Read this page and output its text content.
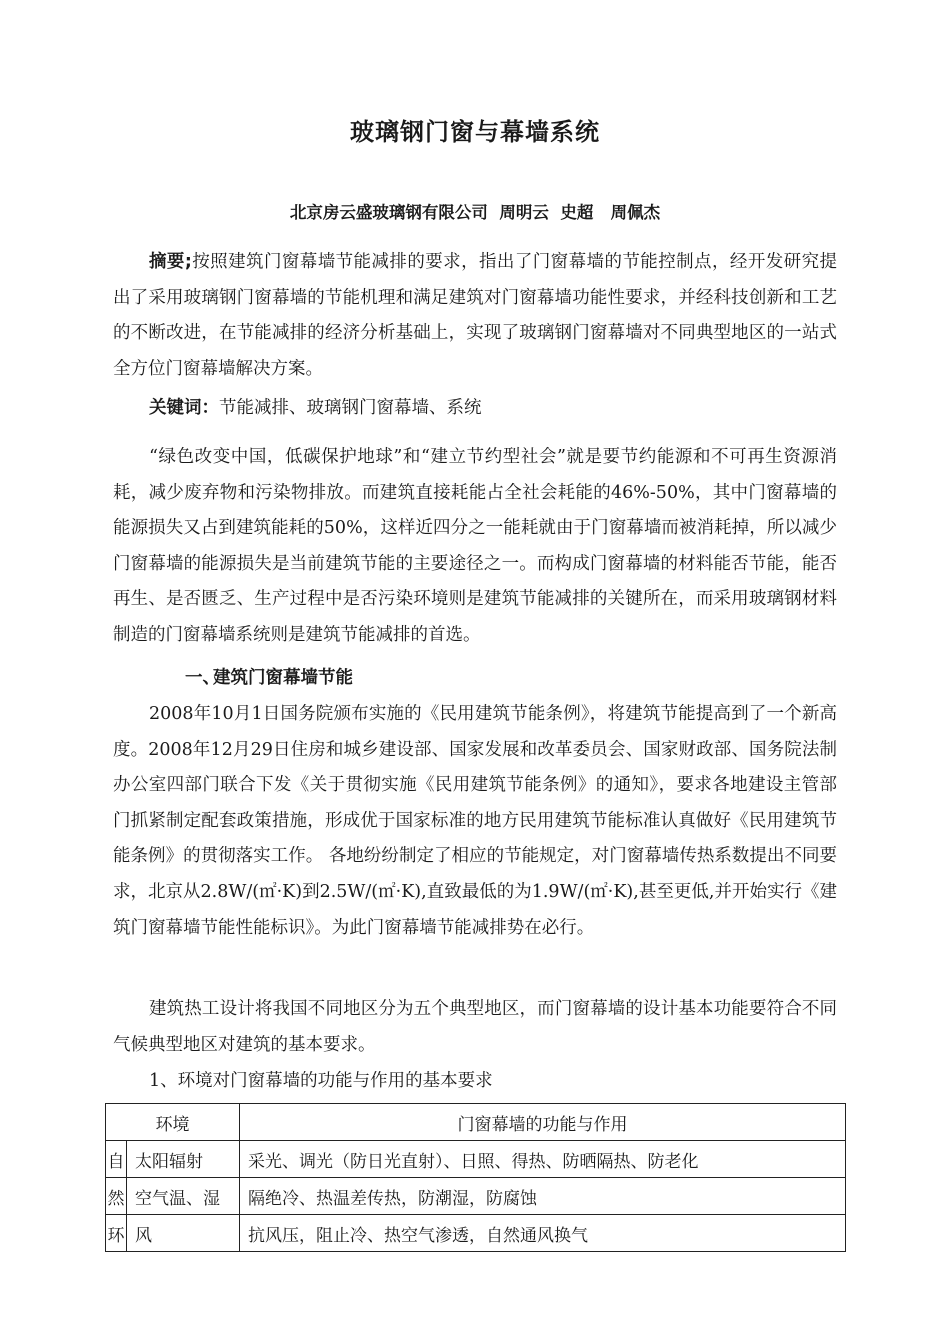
玻璃钢门窗与幕墙系统
北京房云盛玻璃钢有限公司  周明云  史超   周佩杰
摘要;按照建筑门窗幕墙节能减排的要求，指出了门窗幕墙的节能控制点，经开发研究提出了采用玻璃钢门窗幕墙的节能机理和满足建筑对门窗幕墙功能性要求，并经科技创新和工艺的不断改进，在节能减排的经济分析基础上，实现了玻璃钢门窗幕墙对不同典型地区的一站式全方位门窗幕墙解决方案。
关键词：节能减排、玻璃钢门窗幕墙、系统
“绿色改变中国，低碳保护地球”和“建立节约型社会”就是要节约能源和不可再生资源消耗，减少废弃物和污染物排放。而建筑直接耗能占全社会耗能的46%-50%，其中门窗幕墙的能源损失又占到建筑能耗的50%，这样近四分之一能耗就由于门窗幕墙而被消耗掉，所以减少门窗幕墙的能源损失是当前建筑节能的主要途径之一。而构成门窗幕墙的材料能否节能，能否再生、是否匮乏、生产过程中是否污染环境则是建筑节能减排的关键所在，而采用玻璃钢材料制造的门窗幕墙系统则是建筑节能减排的首选。
一、建筑门窗幕墙节能
2008年10月1日国务院颁布实施的《民用建筑节能条例》，将建筑节能提高到了一个新高度。2008年12月29日住房和城乡建设部、国家发展和改革委员会、国家财政部、国务院法制办公室四部门联合下发《关于贯彻实施《民用建筑节能条例》的通知》，要求各地建设主管部门抓紧制定配套政策措施，形成优于国家标准的地方民用建筑节能标准认真做好《民用建筑节能条例》的贯彻落实工作。 各地纷纷制定了相应的节能规定，对门窗幕墙传热系数提出不同要求，北京从2.8W/(㎡·K)到2.5W/(㎡·K),直致最低的为1.9W/(㎡·K),甚至更低,并开始实行《建筑门窗幕墙节能性能标识》。为此门窗幕墙节能减排势在必行。
建筑热工设计将我国不同地区分为五个典型地区，而门窗幕墙的设计基本功能要符合不同气候典型地区对建筑的基本要求。
1、环境对门窗幕墙的功能与作用的基本要求
环境		门窗幕墙的功能与作用
自	太阳辐射	采光、调光（防日光直射）、日照、得热、防晒隔热、防老化
然	空气温、湿	隔绝冷、热温差传热，防潮湿，防腐蚀
环	风	抗风压，阻止冷、热空气渗透，自然通风换气
